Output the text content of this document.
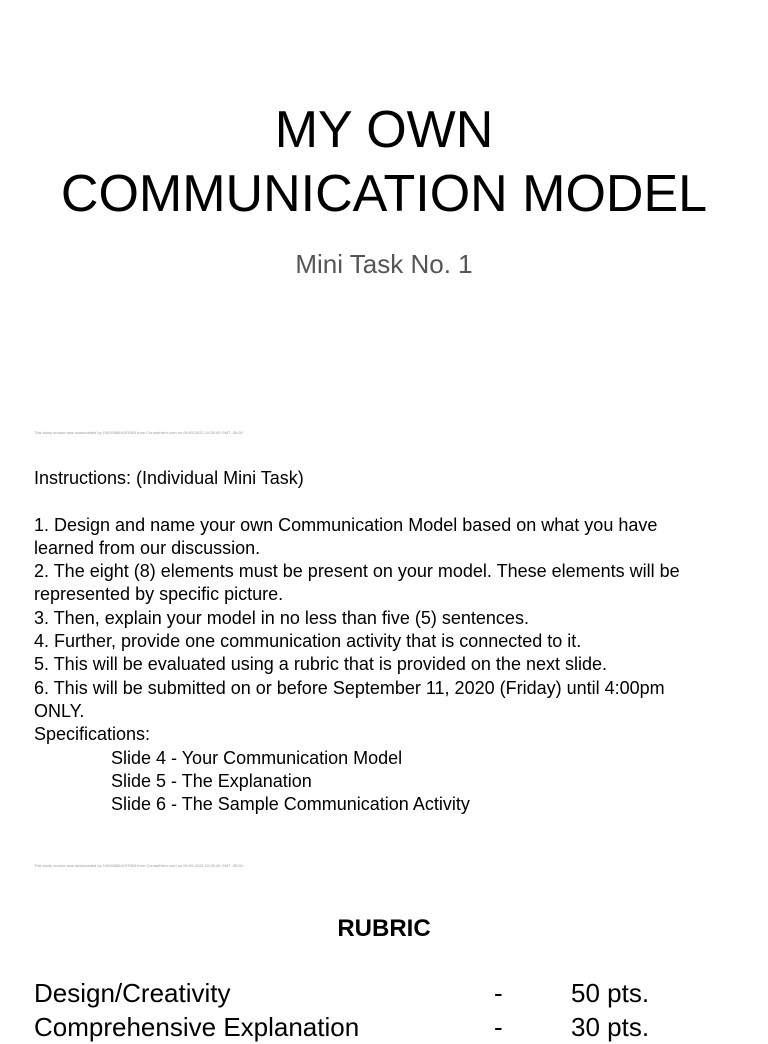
MY OWN
COMMUNICATION MODEL
Mini Task No. 1
This study source was downloaded by 100000864197663 from CourseHero.com on 09-09-2022 10:26:40 GMT -05:00

Instructions: (Individual Mini Task)

1. Design and name your own Communication Model based on what you have

learned from our discussion.

2. The eight (8) elements must be present on your model. These elements will be

represented by specific picture.

3. Then, explain your model in no less than five (5) sentences.

4. Further, provide one communication activity that is connected to it.

5. This will be evaluated using a rubric that is provided on the next slide.

6. This will be submitted on or before September 11, 2020 (Friday) until 4:00pm

ONLY.

Specifications:

Slide 4 - Your Communication Model

Slide 5 - The Explanation

Slide 6 - The Sample Communication Activity

This study source was downloaded by 100000864197663 from CourseHero.com on 09-09-2022 10:26:40 GMT -05:00
RUBRIC
Design/Creativity	-	50 pts.
Comprehensive Explanation	-	30 pts.
